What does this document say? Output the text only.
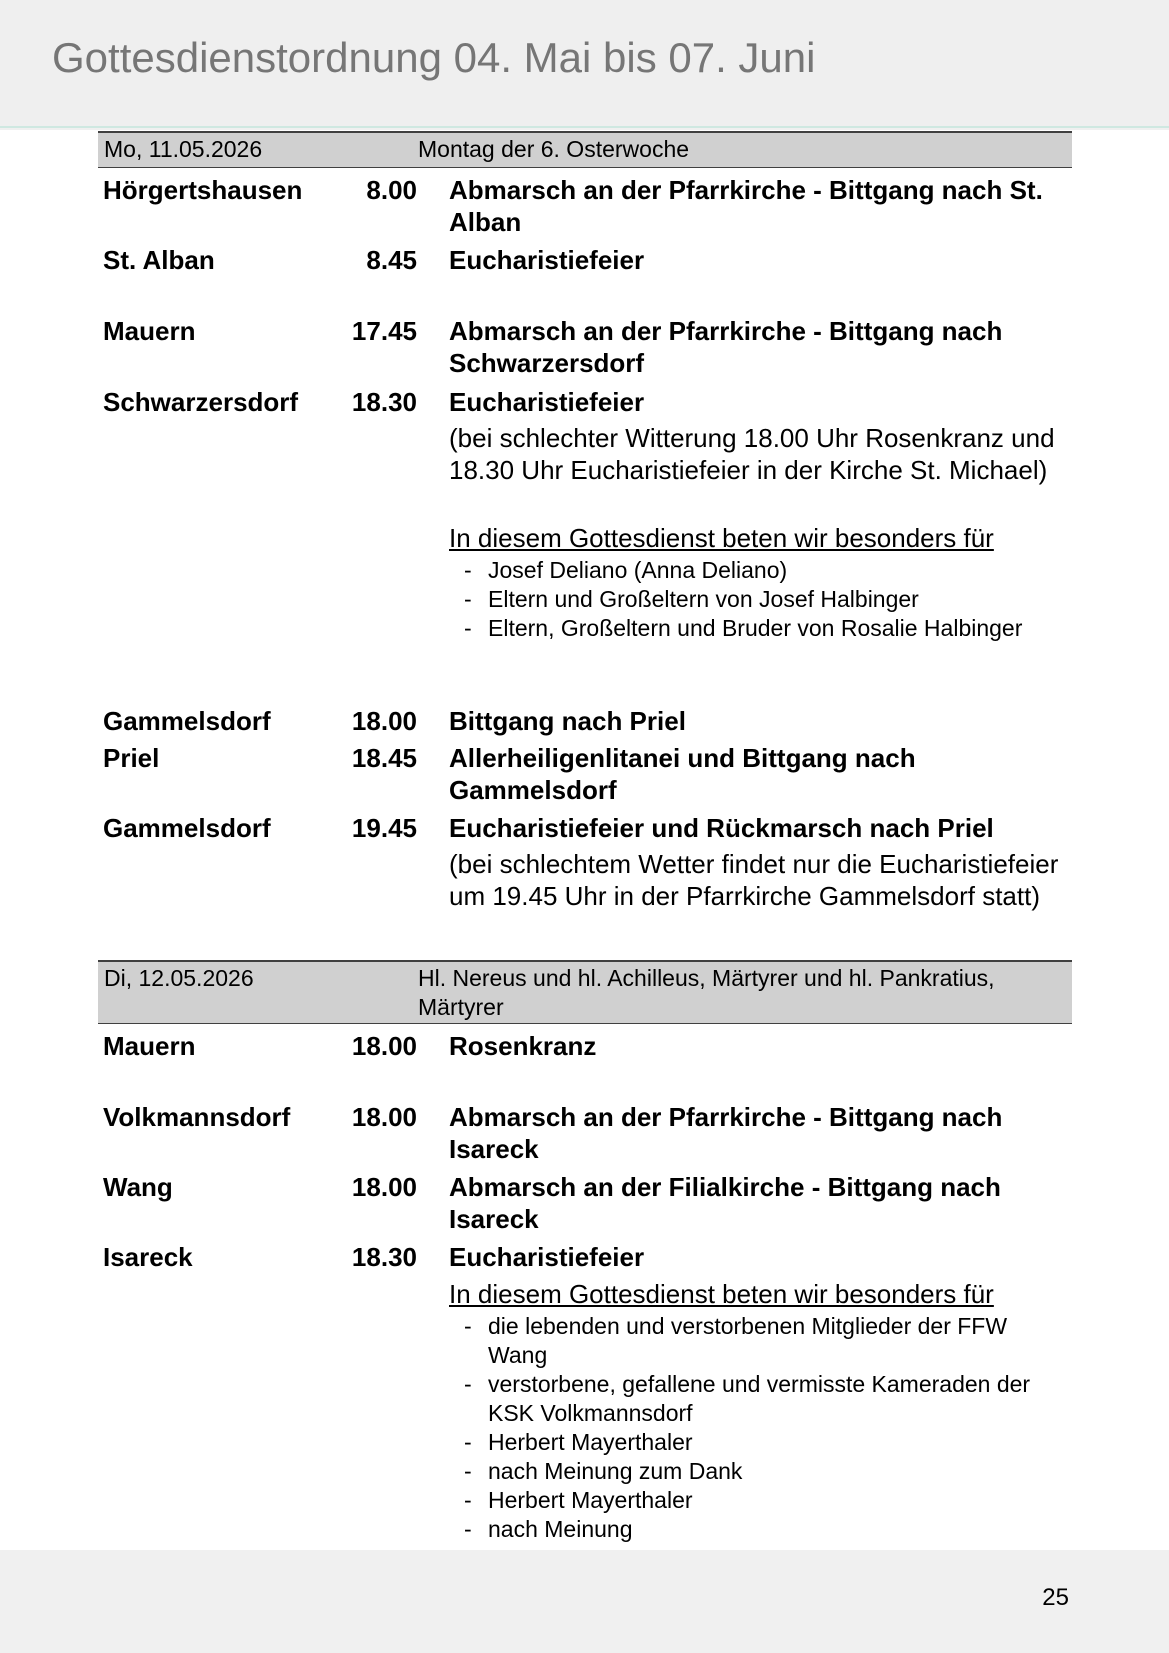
Gottesdienstordnung 04. Mai bis 07. Juni
Mo, 11.05.2026	Montag der 6. Osterwoche
Hörgertshausen	8.00 Abmarsch an der Pfarrkirche - Bittgang nach St. Alban
St. Alban	8.45 Eucharistiefeier
Mauern	17.45 Abmarsch an der Pfarrkirche - Bittgang nach Schwarzersdorf
Schwarzersdorf	18.30 Eucharistiefeier
(bei schlechter Witterung 18.00 Uhr Rosenkranz und 18.30 Uhr Eucharistiefeier in der Kirche St. Michael)
In diesem Gottesdienst beten wir besonders für
- Josef Deliano (Anna Deliano)
- Eltern und Großeltern von Josef Halbinger
- Eltern, Großeltern und Bruder von Rosalie Halbinger
Gammelsdorf	18.00 Bittgang nach Priel
Priel	18.45 Allerheiligenlitanei und Bittgang nach Gammelsdorf
Gammelsdorf	19.45 Eucharistiefeier und Rückmarsch nach Priel
(bei schlechtem Wetter findet nur die Eucharistiefeier um 19.45 Uhr in der Pfarrkirche Gammelsdorf statt)
Di, 12.05.2026	Hl. Nereus und hl. Achilleus, Märtyrer und hl. Pankratius, Märtyrer
Mauern	18.00 Rosenkranz
Volkmannsdorf	18.00 Abmarsch an der Pfarrkirche - Bittgang nach Isareck
Wang	18.00 Abmarsch an der Filialkirche - Bittgang nach Isareck
Isareck	18.30 Eucharistiefeier
In diesem Gottesdienst beten wir besonders für
- die lebenden und verstorbenen Mitglieder der FFW Wang
- verstorbene, gefallene und vermisste Kameraden der KSK Volkmannsdorf
- Herbert Mayerthaler
- nach Meinung zum Dank
- Herbert Mayerthaler
- nach Meinung
25
